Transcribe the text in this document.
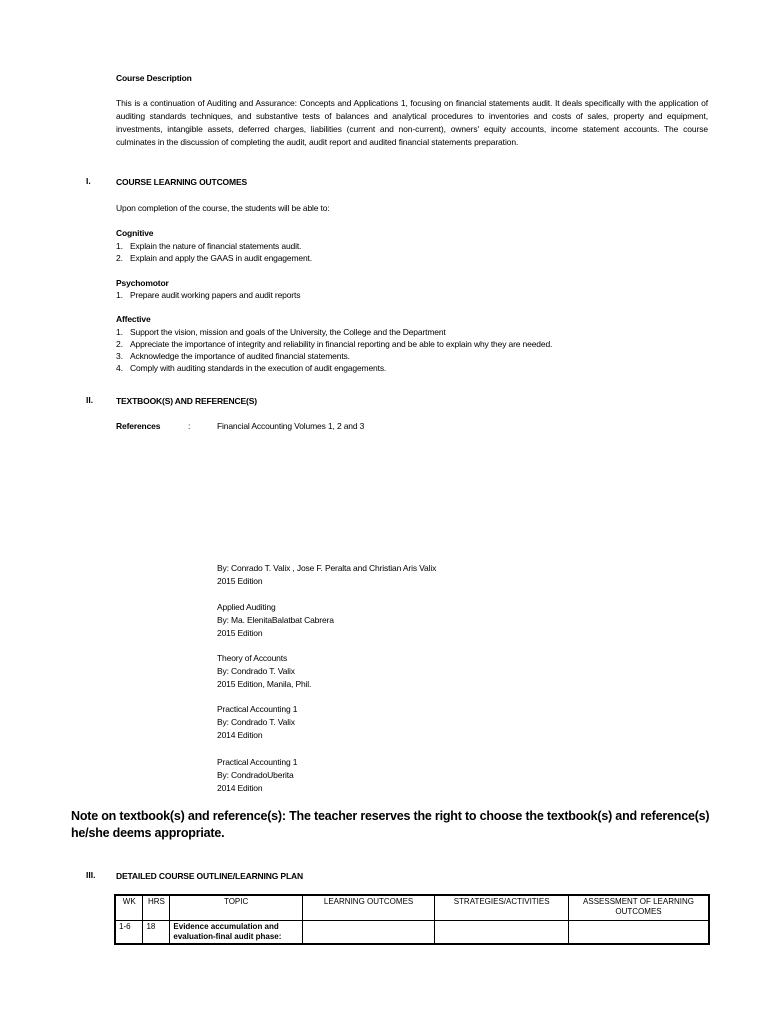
Course Description
This is a continuation of Auditing and Assurance: Concepts and Applications 1, focusing on financial statements audit. It deals specifically with the application of auditing standards techniques, and substantive tests of balances and analytical procedures to inventories and costs of sales, property and equipment, investments, intangible assets, deferred charges, liabilities (current and non-current), owners' equity accounts, income statement accounts. The course culminates in the discussion of completing the audit, audit report and audited financial statements preparation.
I.	COURSE LEARNING OUTCOMES
Upon completion of the course, the students will be able to:
Cognitive
1. Explain the nature of financial statements audit.
2. Explain and apply the GAAS in audit engagement.
Psychomotor
1. Prepare audit working papers and audit reports
Affective
1. Support the vision, mission and goals of the University, the College and the Department
2. Appreciate the importance of integrity and reliability in financial reporting and be able to explain why they are needed.
3. Acknowledge the importance of audited financial statements.
4. Comply with auditing standards in the execution of audit engagements.
II.	TEXTBOOK(S) AND REFERENCE(S)
References	:	Financial Accounting Volumes 1, 2 and 3
By: Conrado T. Valix , Jose F. Peralta and Christian Aris Valix
2015 Edition
Applied Auditing
By: Ma. ElenitaBalatbat Cabrera
2015 Edition
Theory of Accounts
By: Condrado T. Valix
2015 Edition, Manila, Phil.
Practical Accounting 1
By: Condrado T. Valix
2014 Edition
Practical Accounting 1
By: CondradoUberita
2014 Edition
Note on textbook(s) and reference(s): The teacher reserves the right to choose the textbook(s) and reference(s) he/she deems appropriate.
III. DETAILED COURSE OUTLINE/LEARNING PLAN
WK	HRS	TOPIC	LEARNING OUTCOMES	STRATEGIES/ACTIVITIES	ASSESSMENT OF LEARNING OUTCOMES
1-6	18	Evidence accumulation and evaluation-final audit phase:			
